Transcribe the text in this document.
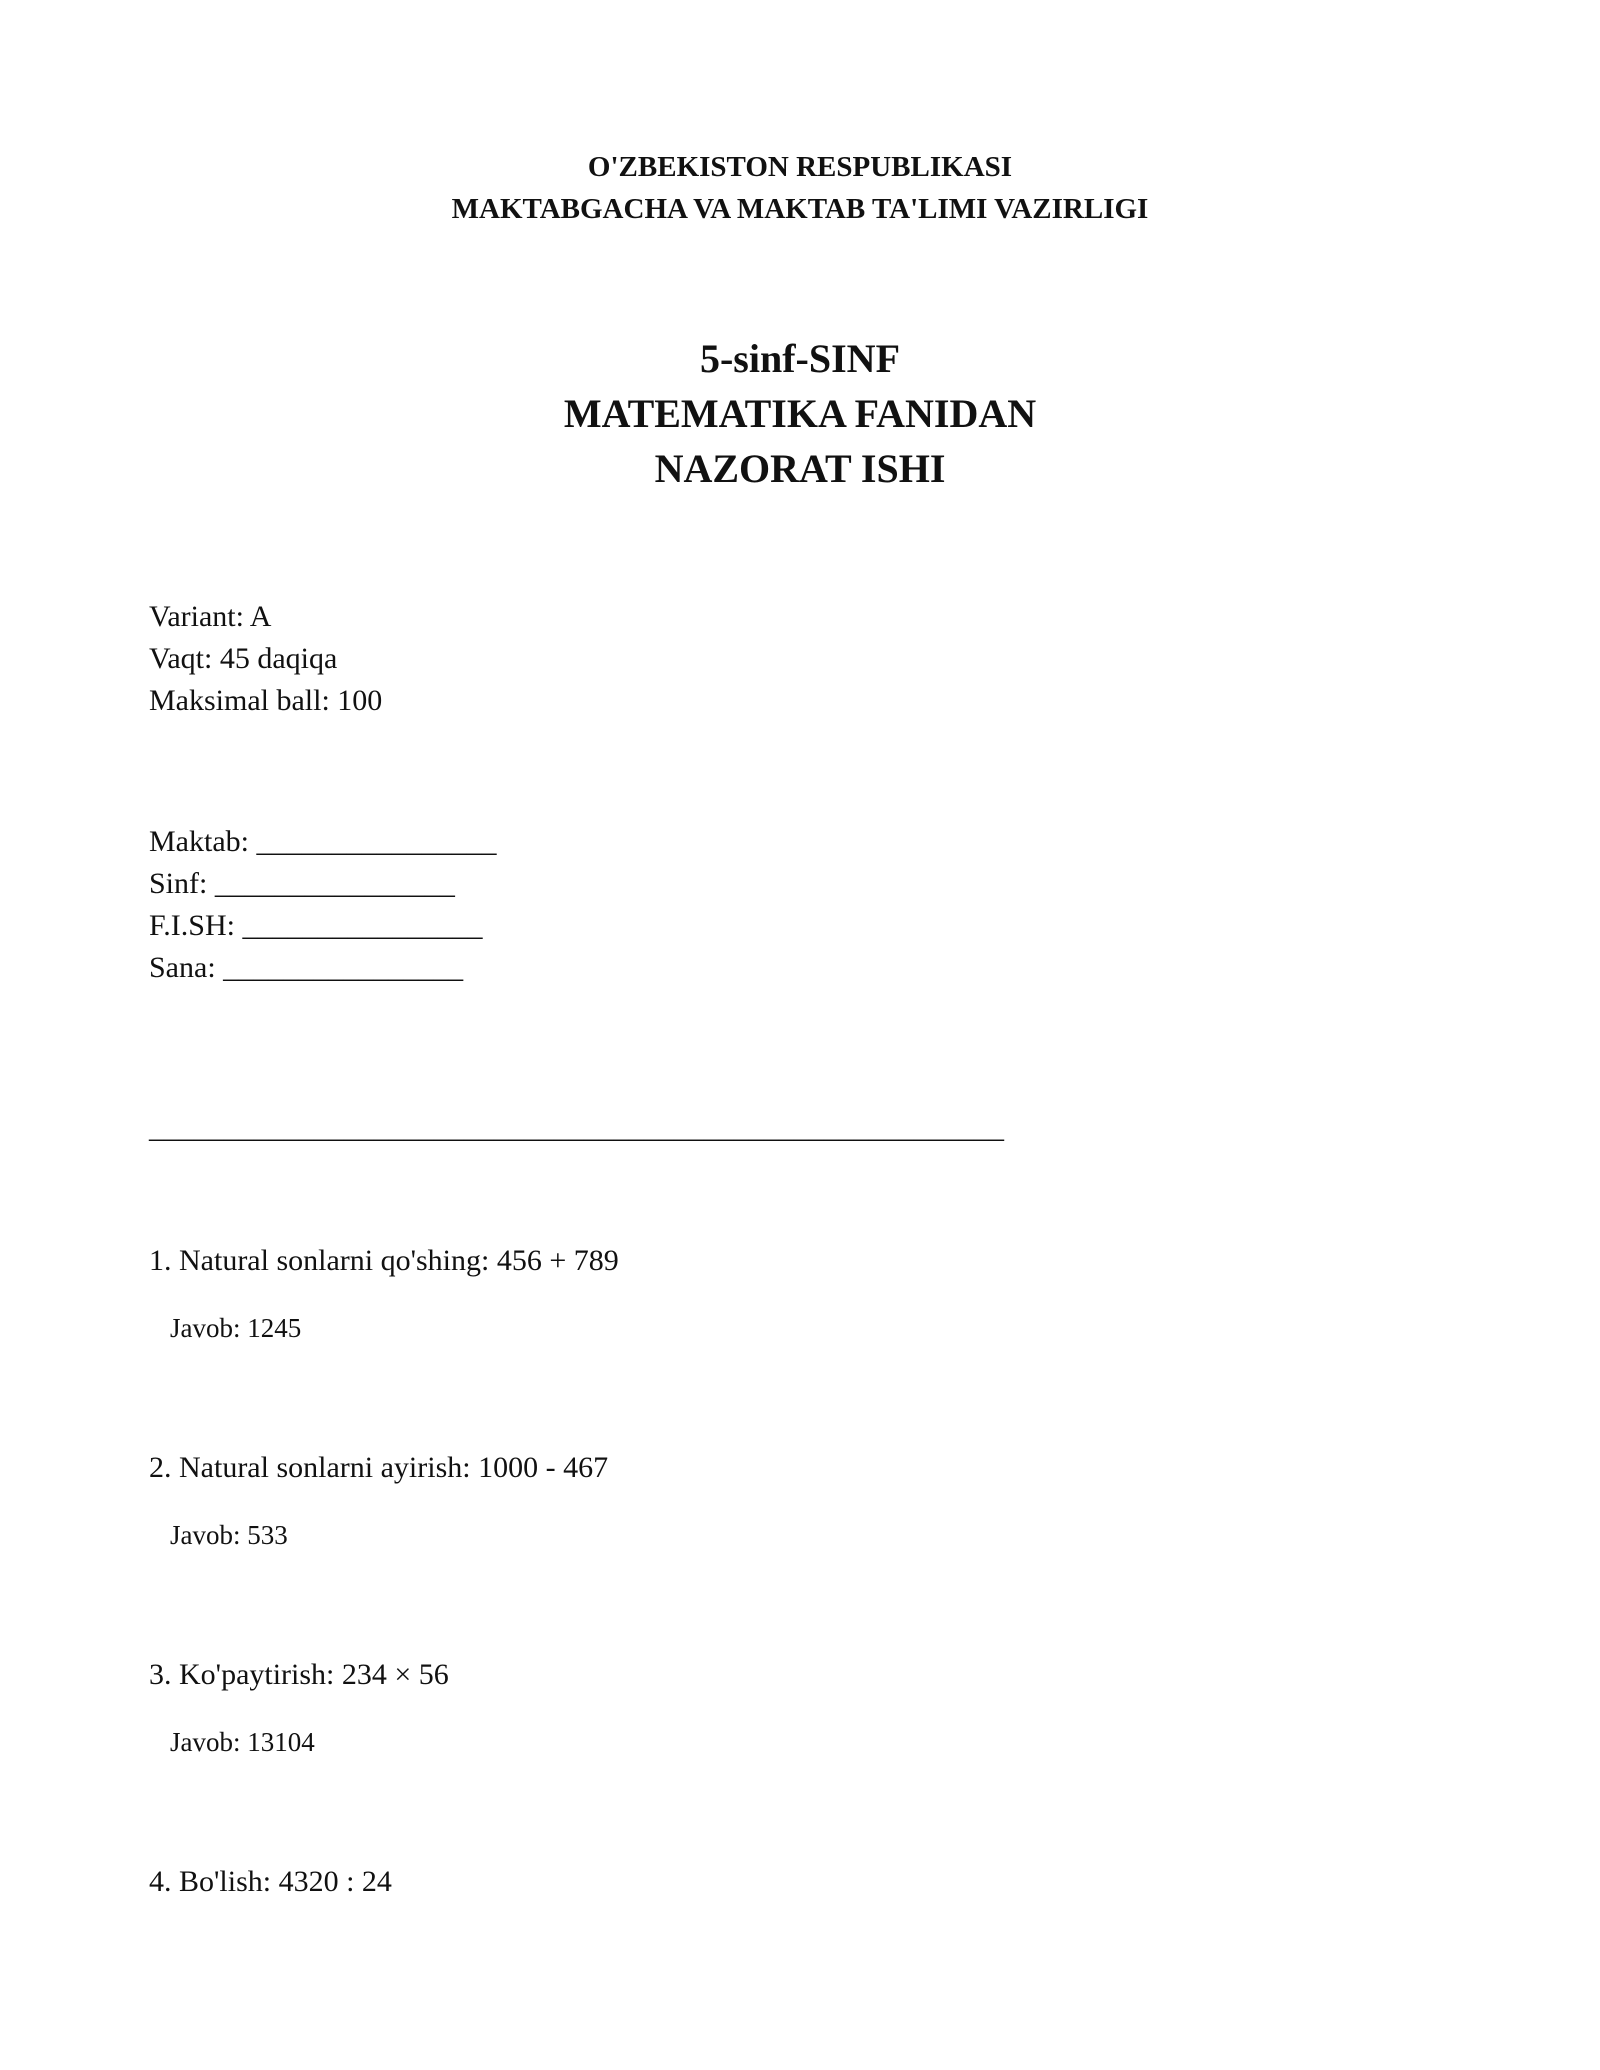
O'ZBEKISTON RESPUBLIKASI
MAKTABGACHA VA MAKTAB TA'LIMI VAZIRLIGI
5-sinf-SINF
MATEMATIKA FANIDAN
NAZORAT ISHI
Variant: A
Vaqt: 45 daqiqa
Maksimal ball: 100
Maktab: ________________
Sinf: ________________
F.I.SH: ________________
Sana: ________________
_________________________________________________________
1. Natural sonlarni qo'shing: 456 + 789
Javob: 1245
2. Natural sonlarni ayirish: 1000 - 467
Javob: 533
3. Ko'paytirish: 234 × 56
Javob: 13104
4. Bo'lish: 4320 : 24
